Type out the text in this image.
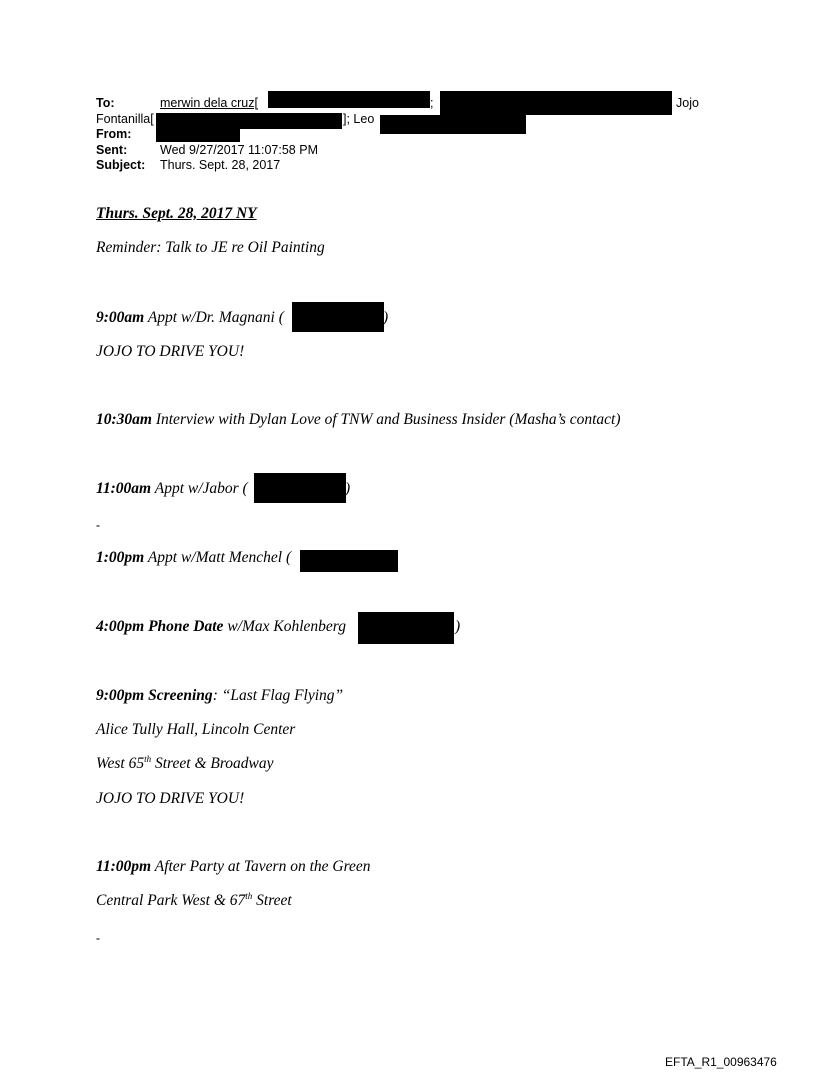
To:	merwin dela cruz[	;	Jojo
Fontanilla[	]; Leo
From:
Sent:	Wed 9/27/2017 11:07:58 PM
Subject: Thurs. Sept. 28, 2017
Thurs. Sept. 28, 2017 NY
Reminder: Talk to JE re Oil Painting
9:00am Appt w/Dr. Magnani (	)
JOJO TO DRIVE YOU!
10:30am Interview with Dylan Love of TNW and Business Insider (Masha’s contact)
11:00am Appt w/Jabor (	)
-
1:00pm Appt w/Matt Menchel (
4:00pm Phone Date w/Max Kohlenberg	)
9:00pm Screening: “Last Flag Flying”
Alice Tully Hall, Lincoln Center
West 65th Street & Broadway
JOJO TO DRIVE YOU!
11:00pm After Party at Tavern on the Green
Central Park West & 67th Street
-
EFTA_R1_00963476
